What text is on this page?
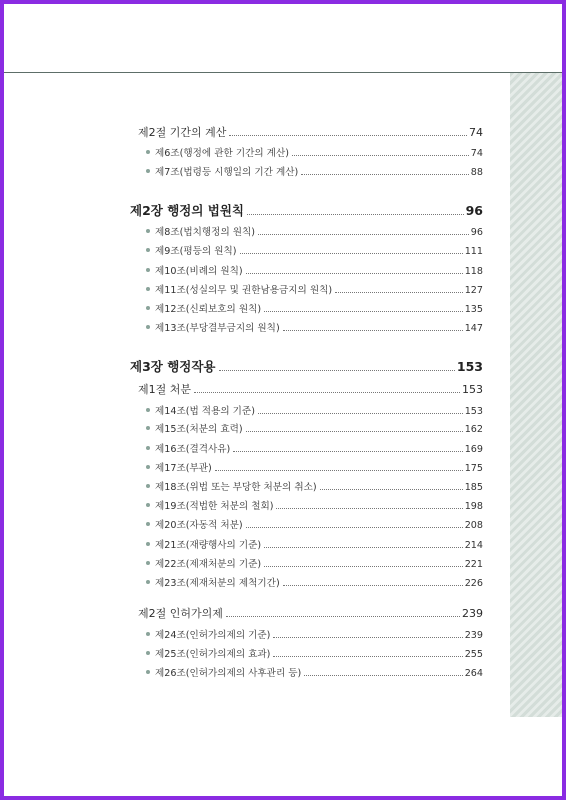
제2절 기간의 계산	74
제6조(행정에 관한 기간의 계산)	74
제7조(법령등 시행일의 기간 계산)	88
제2장 행정의 법원칙	96
제8조(법치행정의 원칙)	96
제9조(평등의 원칙)	111
제10조(비례의 원칙)	118
제11조(성실의무 및 권한남용금지의 원칙)	127
제12조(신뢰보호의 원칙)	135
제13조(부당결부금지의 원칙)	147
제3장 행정작용	153
제1절 처분	153
제14조(법 적용의 기준)	153
제15조(처분의 효력)	162
제16조(결격사유)	169
제17조(부관)	175
제18조(위법 또는 부당한 처분의 취소)	185
제19조(적법한 처분의 철회)	198
제20조(자동적 처분)	208
제21조(재량행사의 기준)	214
제22조(제재처분의 기준)	221
제23조(제재처분의 제척기간)	226
제2절 인허가의제	239
제24조(인허가의제의 기준)	239
제25조(인허가의제의 효과)	255
제26조(인허가의제의 사후관리 등)	264
